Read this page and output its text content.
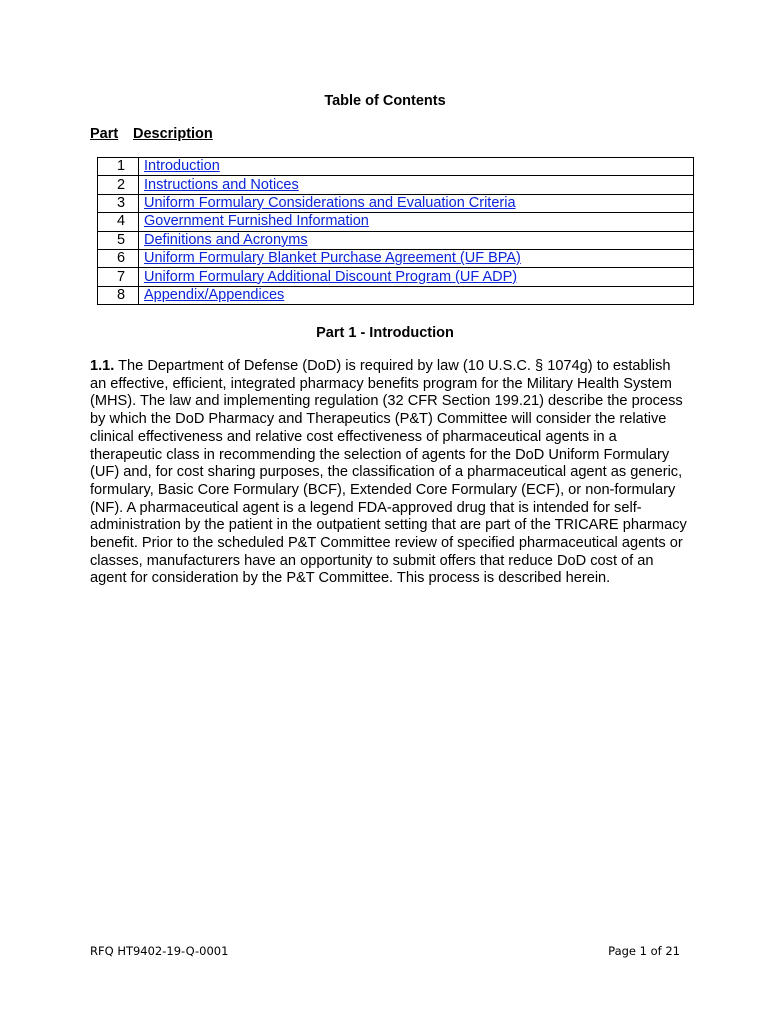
Table of Contents
Part Description
1	Introduction
2	Instructions and Notices
3	Uniform Formulary Considerations and Evaluation Criteria
4	Government Furnished Information
5	Definitions and Acronyms
6	Uniform Formulary Blanket Purchase Agreement (UF BPA)
7	Uniform Formulary Additional Discount Program (UF ADP)
8	Appendix/Appendices
Part 1 - Introduction

1.1. The Department of Defense (DoD) is required by law (10 U.S.C. § 1074g) to establish an effective, efficient, integrated pharmacy benefits program for the Military Health System (MHS). The law and implementing regulation (32 CFR Section 199.21) describe the process by which the DoD Pharmacy and Therapeutics (P&T) Committee will consider the relative clinical effectiveness and relative cost effectiveness of pharmaceutical agents in a therapeutic class in recommending the selection of agents for the DoD Uniform Formulary (UF) and, for cost sharing purposes, the classification of a pharmaceutical agent as generic, formulary, Basic Core Formulary (BCF), Extended Core Formulary (ECF), or non-formulary (NF). A pharmaceutical agent is a legend FDA-approved drug that is intended for self-administration by the patient in the outpatient setting that are part of the TRICARE pharmacy benefit. Prior to the scheduled P&T Committee review of specified pharmaceutical agents or classes, manufacturers have an opportunity to submit offers that reduce DoD cost of an agent for consideration by the P&T Committee. This process is described herein.

RFQ HT9402-19-Q-0001	Page 1 of 21
